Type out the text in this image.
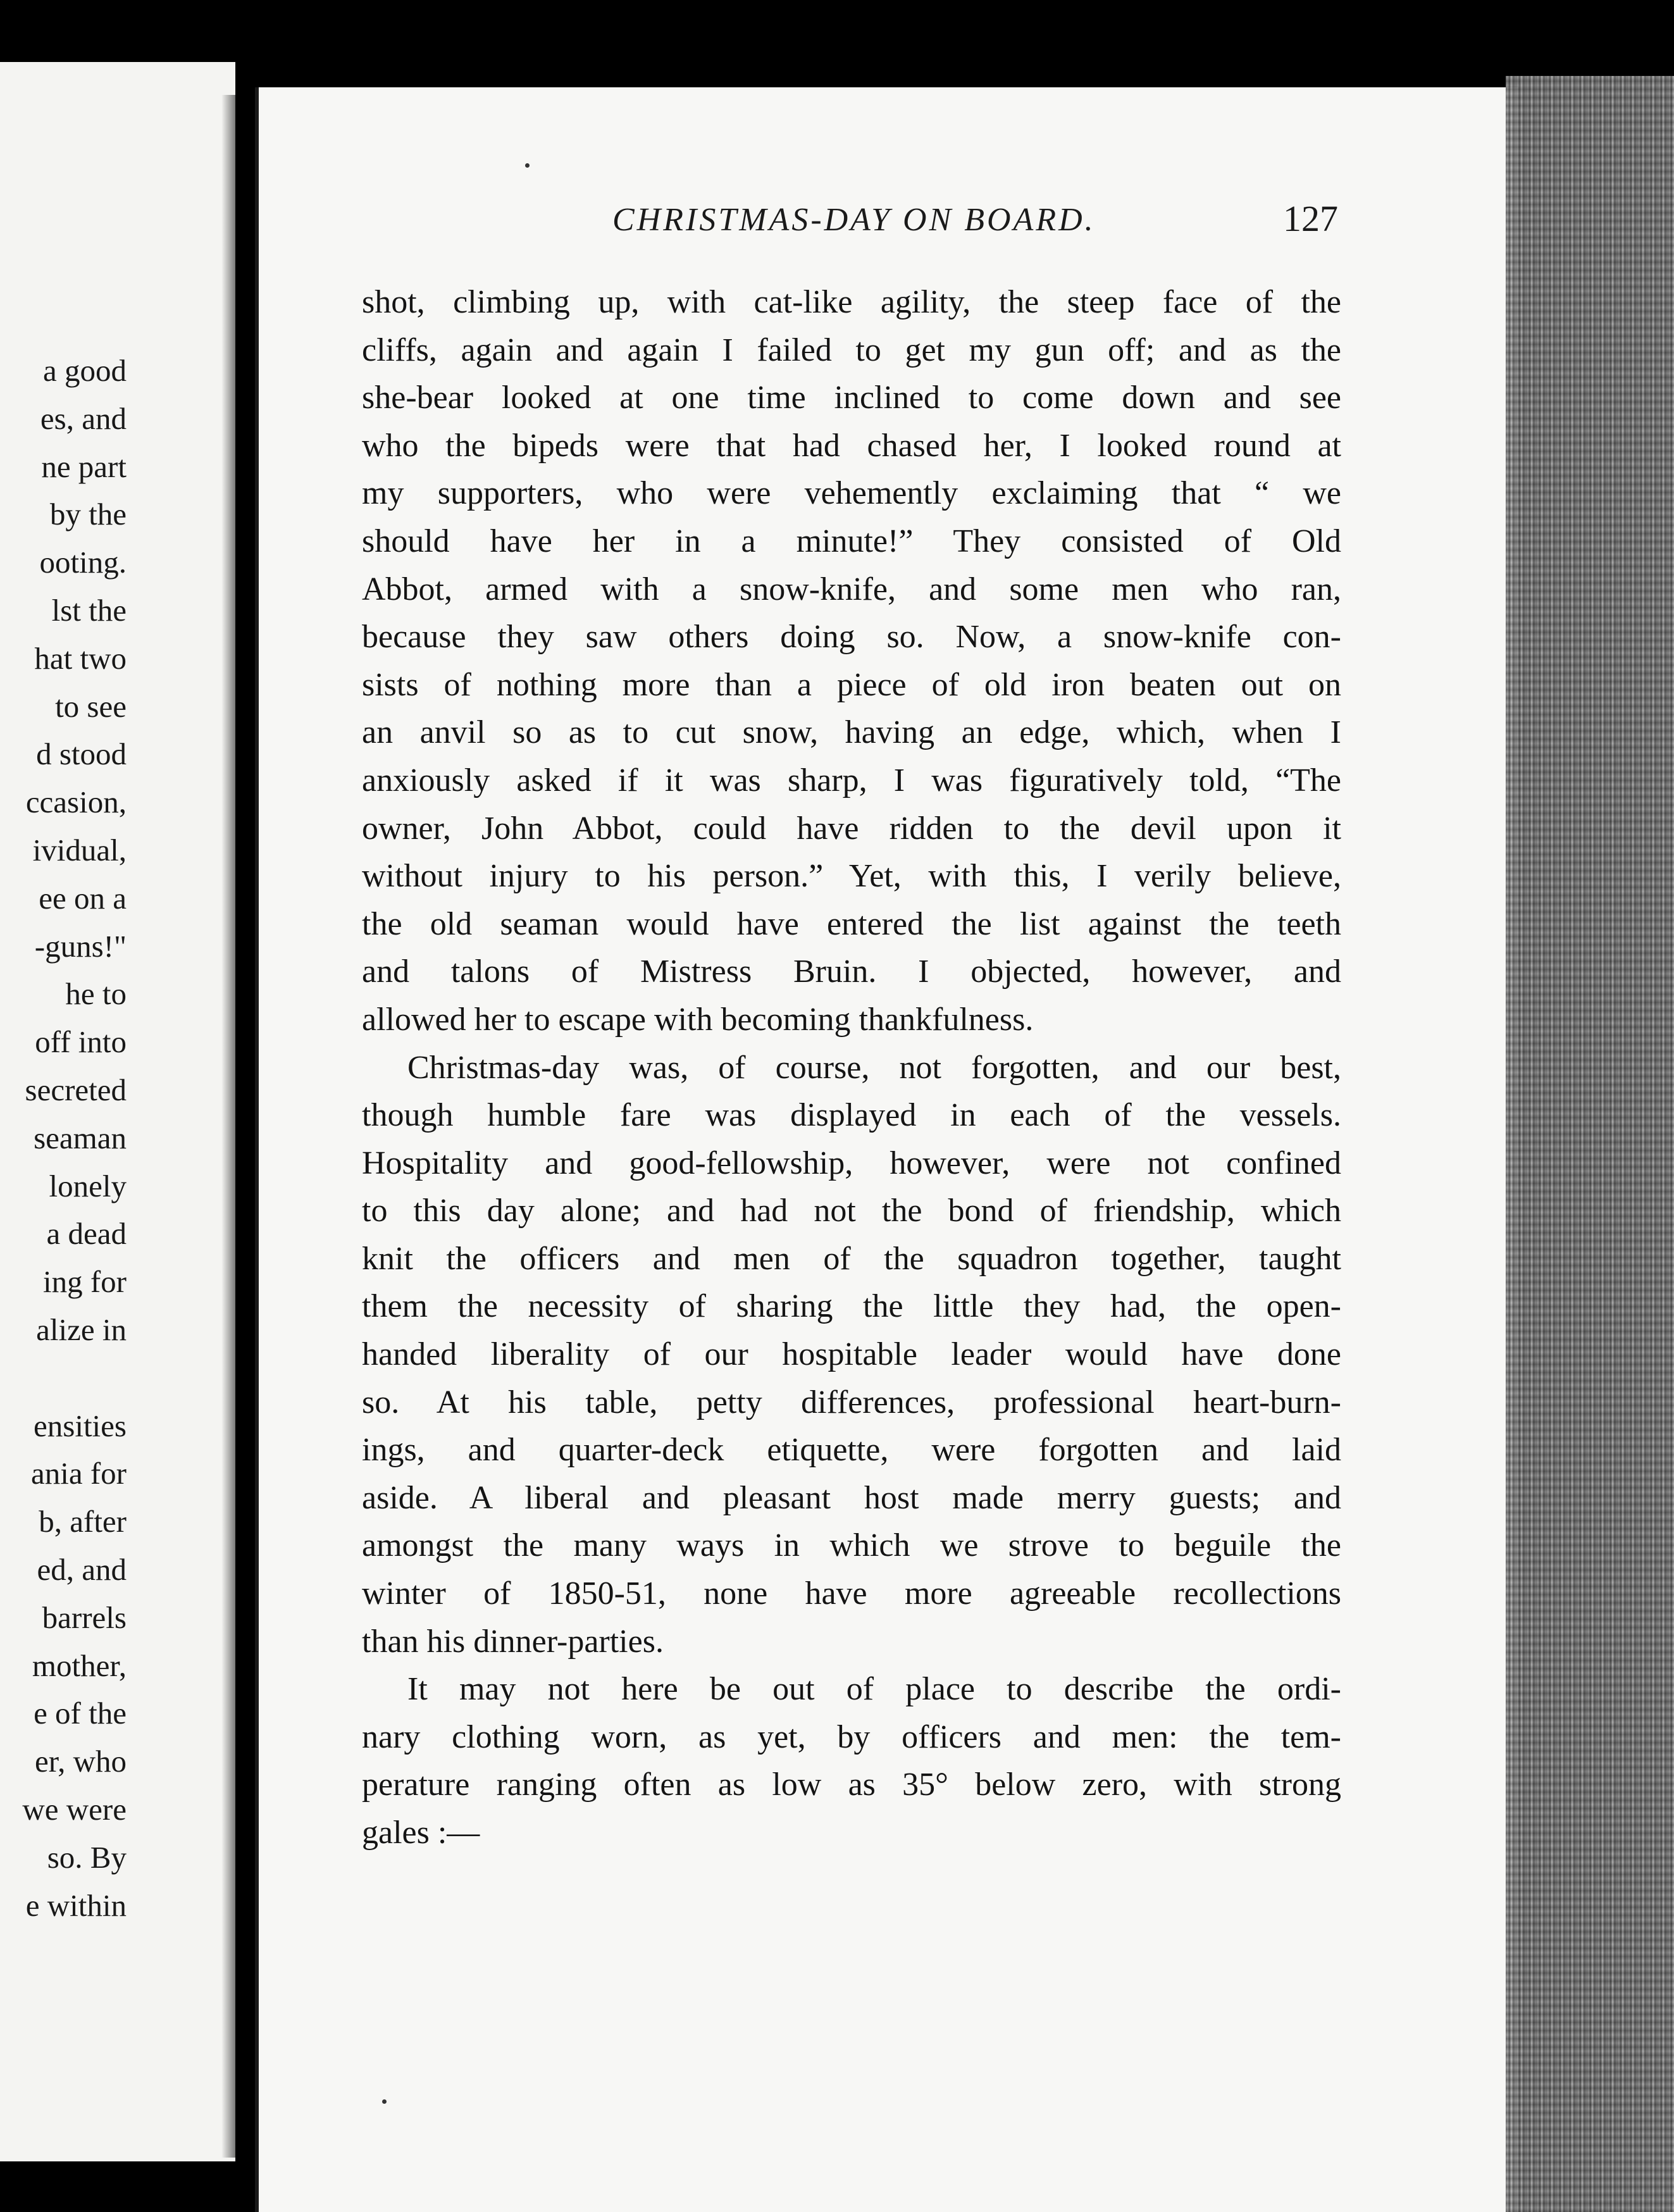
a good
es, and
ne part
by the
ooting.
lst the
hat two
to see
d stood
ccasion,
ividual,
ee on a
-guns!"
he to
off into
secreted
seaman
lonely
a dead
ing for
alize in
ensities
ania for
b, after
ed, and
barrels
mother,
e of the
er, who
we were
so. By
e within
CHRISTMAS-DAY ON BOARD.	127
shot, climbing up, with cat-like agility, the steep face of the
cliffs, again and again I failed to get my gun off; and as the
she-bear looked at one time inclined to come down and see
who the bipeds were that had chased her, I looked round at
my supporters, who were vehemently exclaiming that “ we
should have her in a minute!” They consisted of Old
Abbot, armed with a snow-knife, and some men who ran,
because they saw others doing so. Now, a snow-knife con-
sists of nothing more than a piece of old iron beaten out on
an anvil so as to cut snow, having an edge, which, when I
anxiously asked if it was sharp, I was figuratively told, “The
owner, John Abbot, could have ridden to the devil upon it
without injury to his person.” Yet, with this, I verily believe,
the old seaman would have entered the list against the teeth
and talons of Mistress Bruin. I objected, however, and
allowed her to escape with becoming thankfulness.
Christmas-day was, of course, not forgotten, and our best,
though humble fare was displayed in each of the vessels.
Hospitality and good-fellowship, however, were not confined
to this day alone; and had not the bond of friendship, which
knit the officers and men of the squadron together, taught
them the necessity of sharing the little they had, the open-
handed liberality of our hospitable leader would have done
so. At his table, petty differences, professional heart-burn-
ings, and quarter-deck etiquette, were forgotten and laid
aside. A liberal and pleasant host made merry guests; and
amongst the many ways in which we strove to beguile the
winter of 1850-51, none have more agreeable recollections
than his dinner-parties.
It may not here be out of place to describe the ordi-
nary clothing worn, as yet, by officers and men: the tem-
perature ranging often as low as 35° below zero, with strong
gales :—
